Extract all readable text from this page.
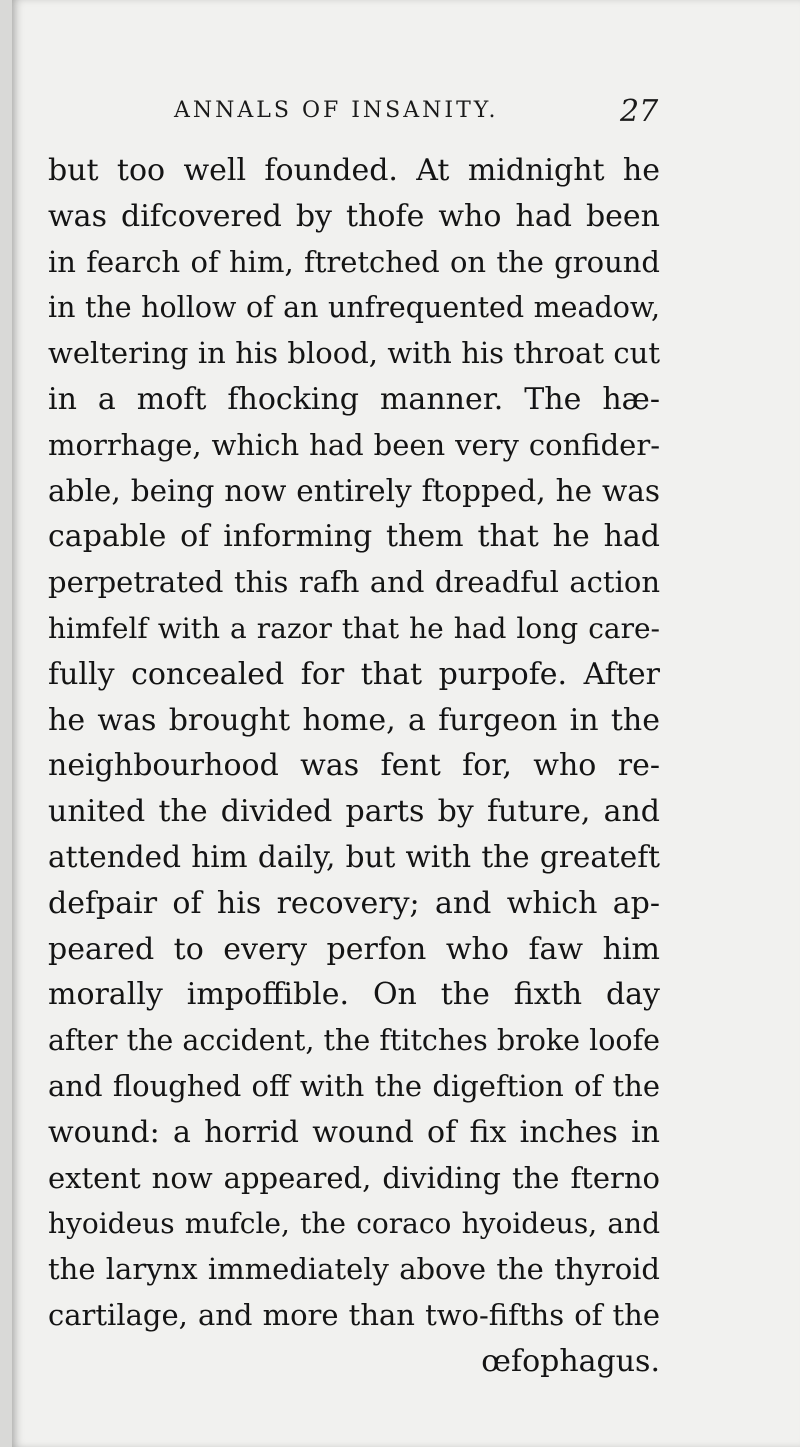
ANNALS OF INSANITY.	27
but too well founded. At midnight he
was difcovered by thofe who had been
in fearch of him, ftretched on the ground
in the hollow of an unfrequented meadow,
weltering in his blood, with his throat cut
in a moft fhocking manner. The hæ-
morrhage, which had been very confider-
able, being now entirely ftopped, he was
capable of informing them that he had
perpetrated this rafh and dreadful action
himfelf with a razor that he had long care-
fully concealed for that purpofe. After
he was brought home, a furgeon in the
neighbourhood was fent for, who re-
united the divided parts by future, and
attended him daily, but with the greateft
defpair of his recovery; and which ap-
peared to every perfon who faw him
morally impoffible. On the fixth day
after the accident, the ftitches broke loofe
and floughed off with the digeftion of the
wound: a horrid wound of fix inches in
extent now appeared, dividing the fterno
hyoideus mufcle, the coraco hyoideus, and
the larynx immediately above the thyroid
cartilage, and more than two-fifths of the
œfophagus.
